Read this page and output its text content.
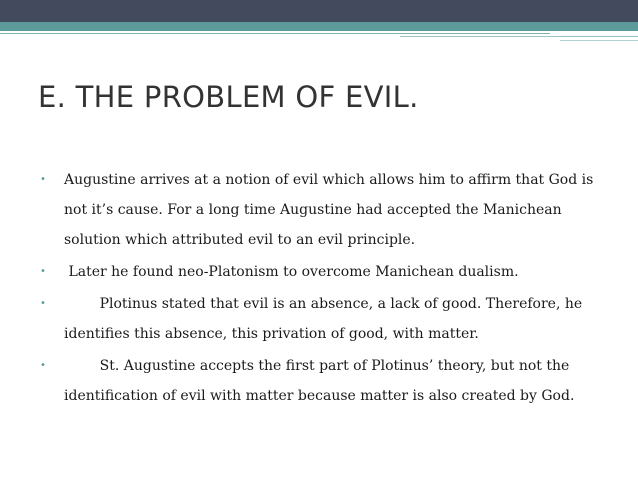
E. THE PROBLEM OF EVIL.
• Augustine arrives at a notion of evil which allows him to affirm that God is not it’s cause. For a long time Augustine had accepted the Manichean solution which attributed evil to an evil principle.
• Later he found neo-Platonism to overcome Manichean dualism.
• Plotinus stated that evil is an absence, a lack of good. Therefore, he identifies this absence, this privation of good, with matter.
• St. Augustine accepts the first part of Plotinus’ theory, but not the identification of evil with matter because matter is also created by God.
